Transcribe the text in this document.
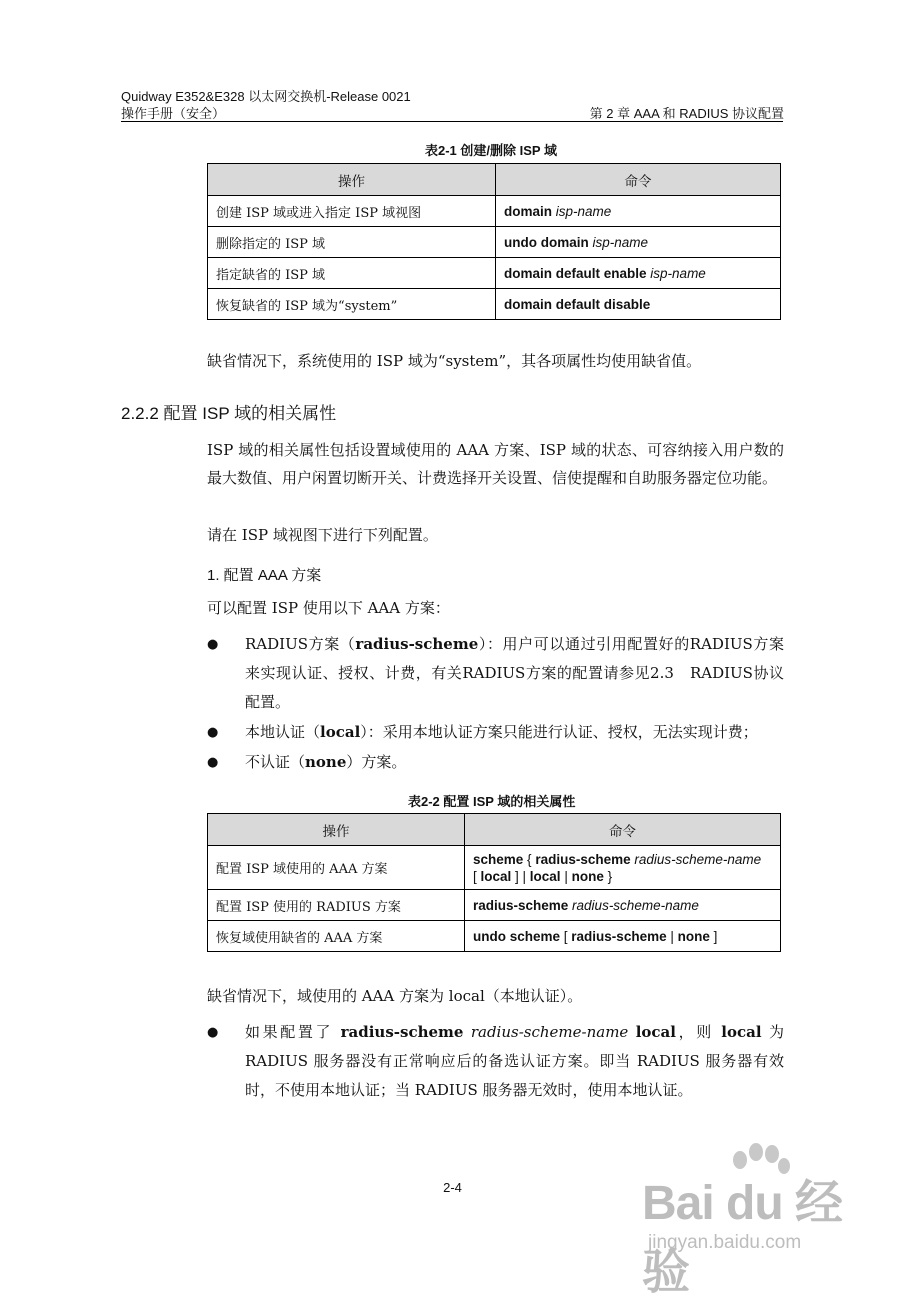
Quidway E352&E328 以太网交换机-Release 0021
操作手册（安全）	第 2 章 AAA 和 RADIUS 协议配置
表2-1 创建/删除 ISP 域
操作	命令
创建 ISP 域或进入指定 ISP 域视图	domain isp-name
删除指定的 ISP 域	undo domain isp-name
指定缺省的 ISP 域	domain default enable isp-name
恢复缺省的 ISP 域为“system”	domain default disable
缺省情况下，系统使用的 ISP 域为“system”，其各项属性均使用缺省值。
2.2.2 配置 ISP 域的相关属性
ISP 域的相关属性包括设置域使用的 AAA 方案、ISP 域的状态、可容纳接入用户数的最大数值、用户闲置切断开关、计费选择开关设置、信使提醒和自助服务器定位功能。
请在 ISP 域视图下进行下列配置。
1. 配置 AAA 方案
可以配置 ISP 使用以下 AAA 方案：
● RADIUS方案（radius-scheme）：用户可以通过引用配置好的RADIUS方案来实现认证、授权、计费，有关RADIUS方案的配置请参见2.3　RADIUS协议配置。
● 本地认证（local）：采用本地认证方案只能进行认证、授权，无法实现计费；
● 不认证（none）方案。
表2-2 配置 ISP 域的相关属性
操作	命令
配置 ISP 域使用的 AAA 方案	scheme { radius-scheme radius-scheme-name
[ local ] | local | none }
配置 ISP 使用的 RADIUS 方案	radius-scheme radius-scheme-name
恢复域使用缺省的 AAA 方案	undo scheme [ radius-scheme | none ]
缺省情况下，域使用的 AAA 方案为 local（本地认证）。
● 如果配置了 radius-scheme radius-scheme-name local，则 local 为 RADIUS 服务器没有正常响应后的备选认证方案。即当 RADIUS 服务器有效时，不使用本地认证；当 RADIUS 服务器无效时，使用本地认证。
2-4	Bai du 经验
jingyan.baidu.com
